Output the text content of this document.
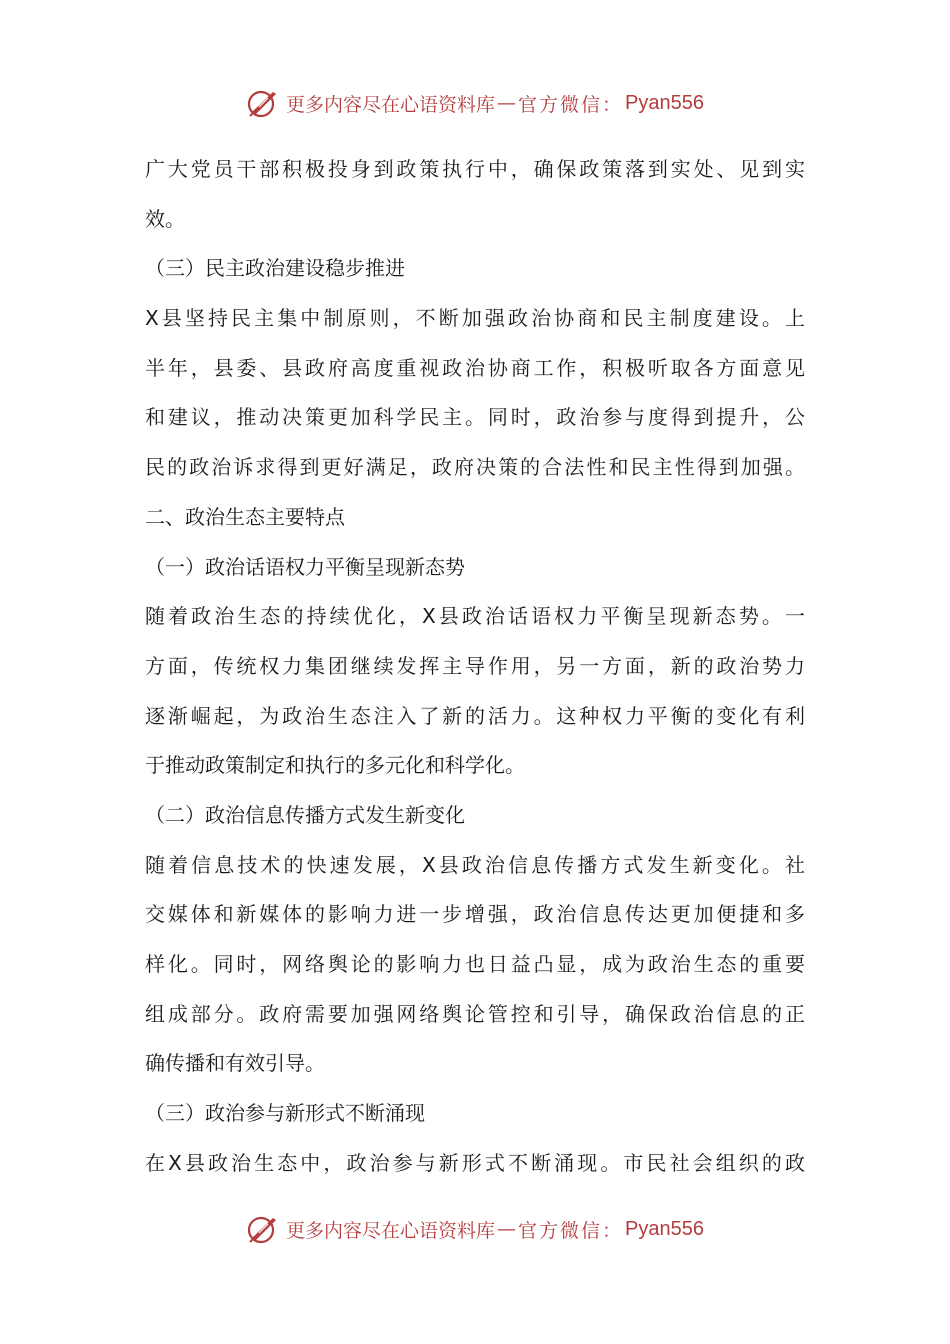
更多内容尽在心语资料库 — 官方微信： Pyan556
广大党员干部积极投身到政策执行中，确保政策落到实处、见到实
效。
（三）民主政治建设稳步推进
X县坚持民主集中制原则，不断加强政治协商和民主制度建设。上
半年，县委、县政府高度重视政治协商工作，积极听取各方面意见
和建议，推动决策更加科学民主。同时，政治参与度得到提升，公
民的政治诉求得到更好满足，政府决策的合法性和民主性得到加强。
二、政治生态主要特点
（一）政治话语权力平衡呈现新态势
随着政治生态的持续优化，X县政治话语权力平衡呈现新态势。一
方面，传统权力集团继续发挥主导作用，另一方面，新的政治势力
逐渐崛起，为政治生态注入了新的活力。这种权力平衡的变化有利
于推动政策制定和执行的多元化和科学化。
（二）政治信息传播方式发生新变化
随着信息技术的快速发展，X县政治信息传播方式发生新变化。社
交媒体和新媒体的影响力进一步增强，政治信息传达更加便捷和多
样化。同时，网络舆论的影响力也日益凸显，成为政治生态的重要
组成部分。政府需要加强网络舆论管控和引导，确保政治信息的正
确传播和有效引导。
（三）政治参与新形式不断涌现
在X县政治生态中，政治参与新形式不断涌现。市民社会组织的政
更多内容尽在心语资料库 — 官方微信： Pyan556
